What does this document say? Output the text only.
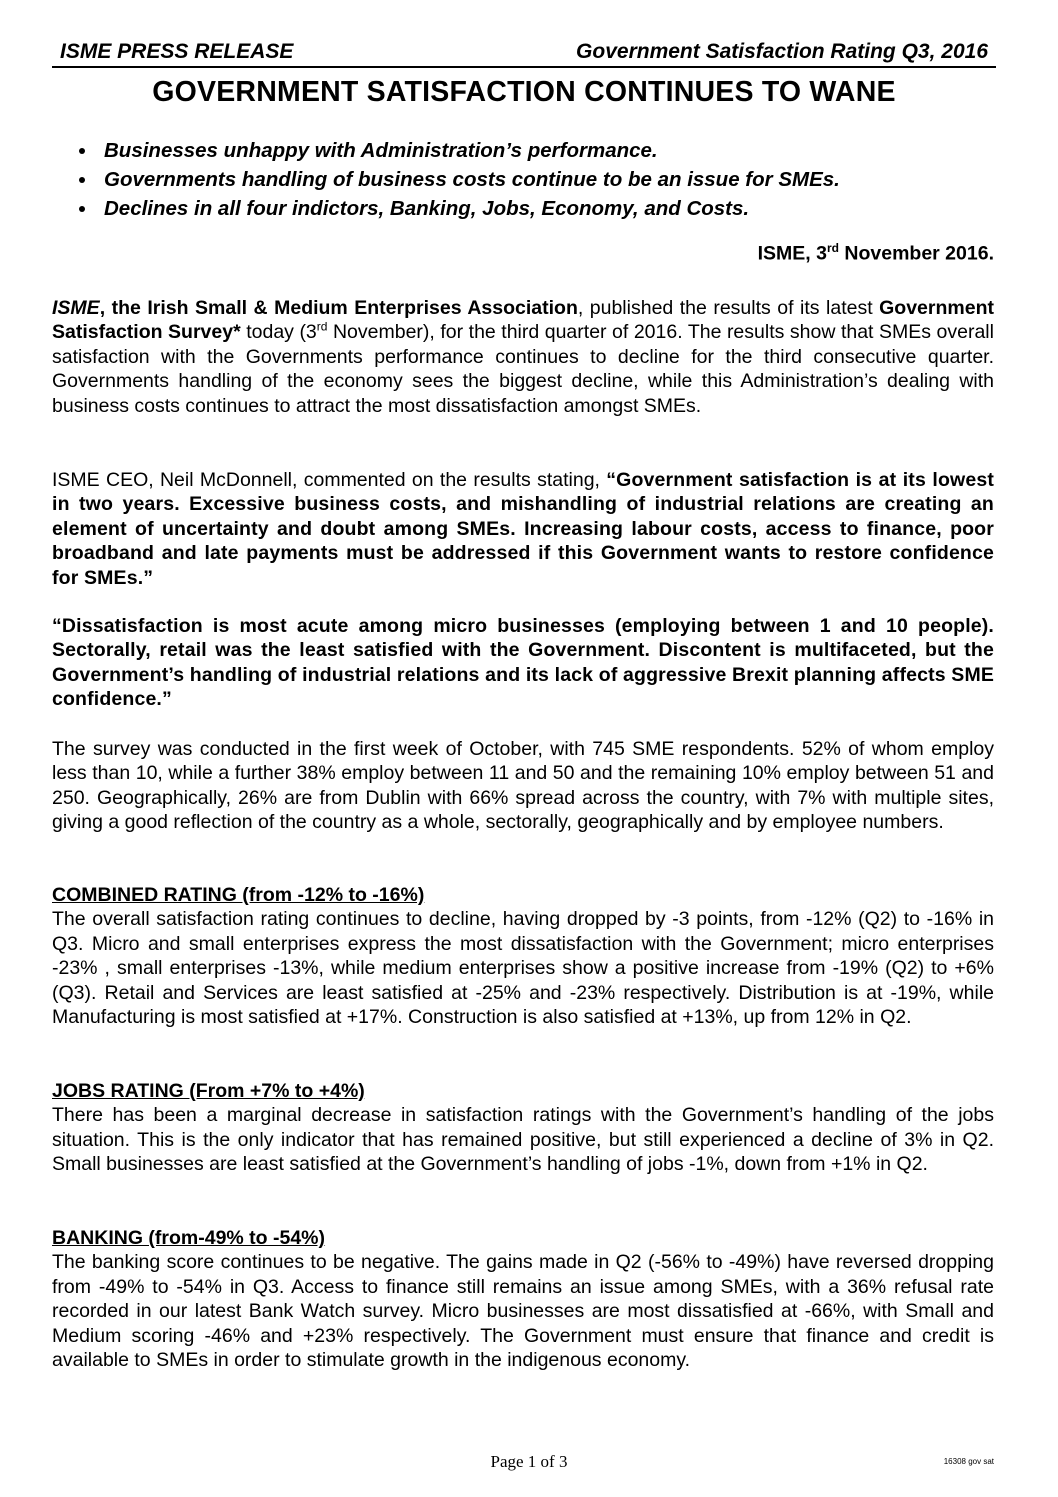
ISME PRESS RELEASE	Government Satisfaction Rating Q3, 2016
GOVERNMENT SATISFACTION CONTINUES TO WANE
Businesses unhappy with Administration’s performance.
Governments handling of business costs continue to be an issue for SMEs.
Declines in all four indictors, Banking, Jobs, Economy, and Costs.
ISME, 3rd November 2016.

ISME, the Irish Small & Medium Enterprises Association, published the results of its latest Government Satisfaction Survey* today (3rd November), for the third quarter of 2016. The results show that SMEs overall satisfaction with the Governments performance continues to decline for the third consecutive quarter. Governments handling of the economy sees the biggest decline, while this Administration’s dealing with business costs continues to attract the most dissatisfaction amongst SMEs.

ISME CEO, Neil McDonnell, commented on the results stating, “Government satisfaction is at its lowest in two years. Excessive business costs, and mishandling of industrial relations are creating an element of uncertainty and doubt among SMEs. Increasing labour costs, access to finance, poor broadband and late payments must be addressed if this Government wants to restore confidence for SMEs.”

“Dissatisfaction is most acute among micro businesses (employing between 1 and 10 people). Sectorally, retail was the least satisfied with the Government. Discontent is multifaceted, but the Government’s handling of industrial relations and its lack of aggressive Brexit planning affects SME confidence.”

The survey was conducted in the first week of October, with 745 SME respondents. 52% of whom employ less than 10, while a further 38% employ between 11 and 50 and the remaining 10% employ between 51 and 250. Geographically, 26% are from Dublin with 66% spread across the country, with 7% with multiple sites, giving a good reflection of the country as a whole, sectorally, geographically and by employee numbers.

COMBINED RATING (from -12% to -16%)
The overall satisfaction rating continues to decline, having dropped by -3 points, from -12% (Q2) to -16% in Q3. Micro and small enterprises express the most dissatisfaction with the Government; micro enterprises -23% , small enterprises -13%, while medium enterprises show a positive increase from -19% (Q2) to +6% (Q3). Retail and Services are least satisfied at -25% and -23% respectively. Distribution is at -19%, while Manufacturing is most satisfied at +17%. Construction is also satisfied at +13%, up from 12% in Q2.

JOBS RATING (From +7% to +4%)
There has been a marginal decrease in satisfaction ratings with the Government’s handling of the jobs situation. This is the only indicator that has remained positive, but still experienced a decline of 3% in Q2. Small businesses are least satisfied at the Government’s handling of jobs -1%, down from +1% in Q2.

BANKING (from-49% to -54%)
The banking score continues to be negative. The gains made in Q2 (-56% to -49%) have reversed dropping from -49% to -54% in Q3. Access to finance still remains an issue among SMEs, with a 36% refusal rate recorded in our latest Bank Watch survey. Micro businesses are most dissatisfied at -66%, with Small and Medium scoring -46% and +23% respectively. The Government must ensure that finance and credit is available to SMEs in order to stimulate growth in the indigenous economy.

Page 1 of 3	16308 gov sat
